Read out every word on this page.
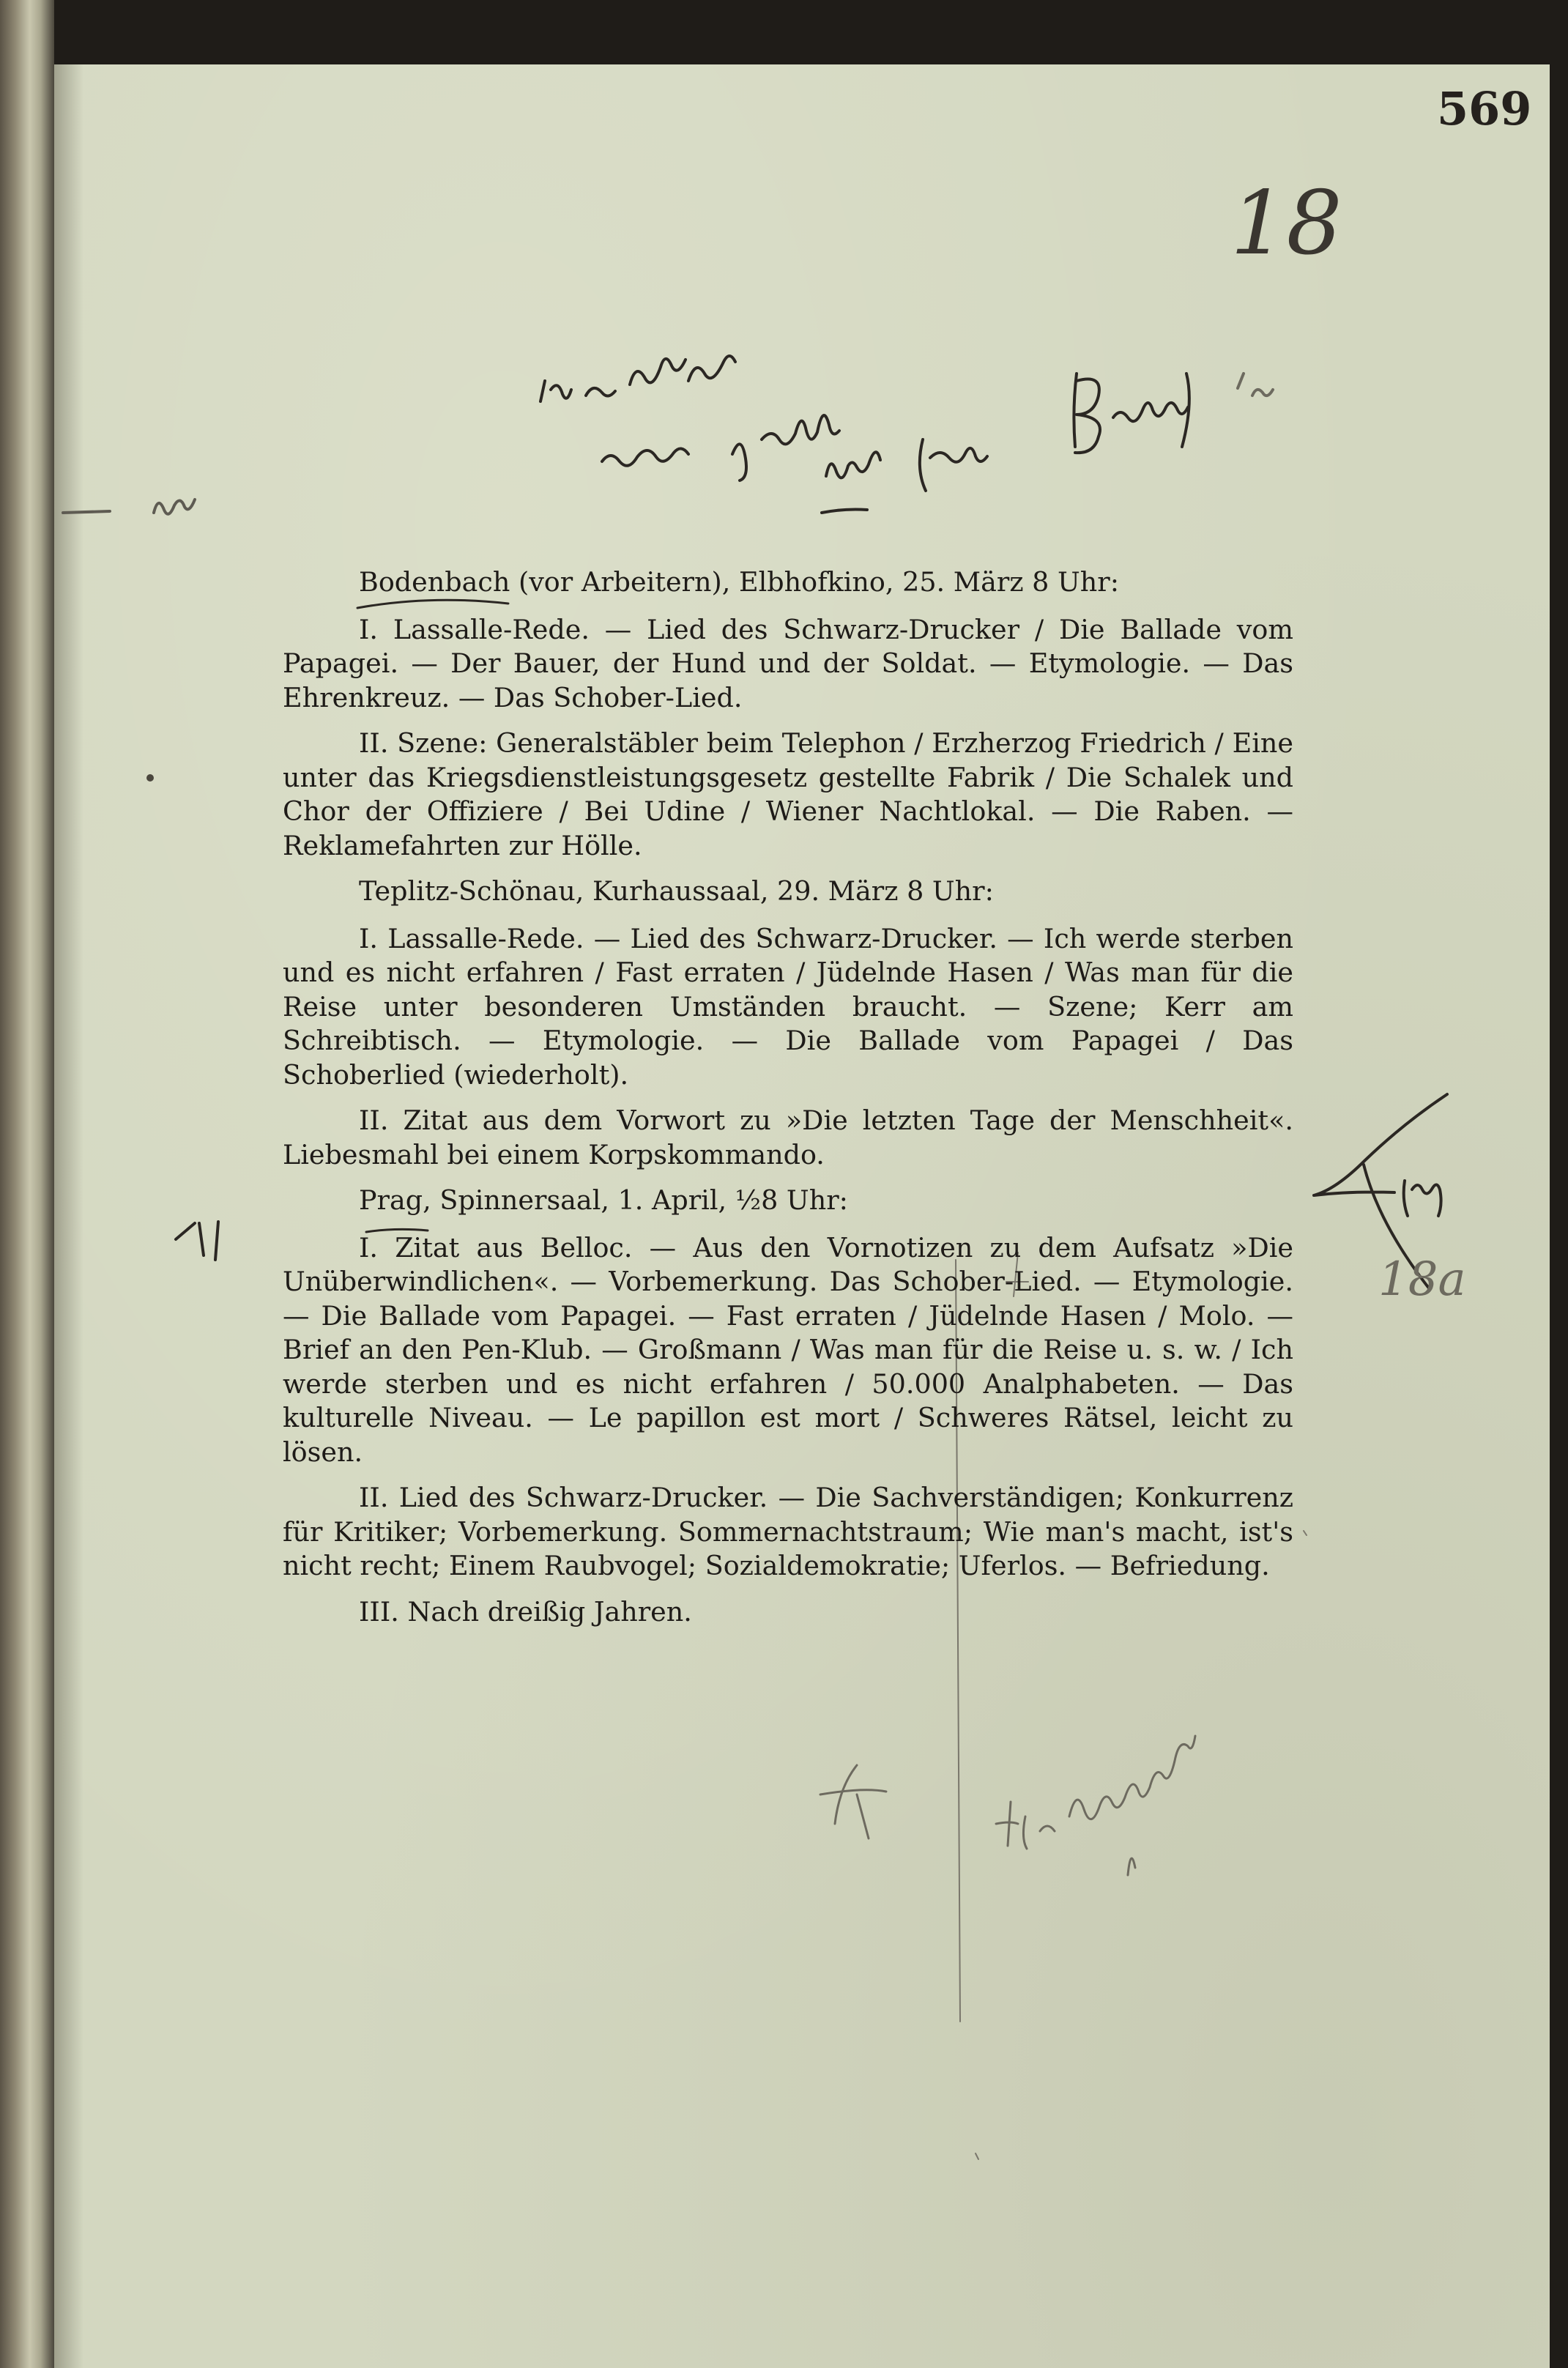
569
18
18a
Bodenbach (vor Arbeitern), Elbhofkino, 25. März 8 Uhr:

I. Lassalle-Rede. — Lied des Schwarz-Drucker / Die Ballade vom Papagei. — Der Bauer, der Hund und der Soldat. — Etymologie. — Das Ehrenkreuz. — Das Schober-Lied.

II. Szene: Generalstäbler beim Telephon / Erzherzog Friedrich / Eine unter das Kriegsdienstleistungsgesetz gestellte Fabrik / Die Schalek und Chor der Offiziere / Bei Udine / Wiener Nachtlokal. — Die Raben. — Reklamefahrten zur Hölle.

Teplitz-Schönau, Kurhaussaal, 29. März 8 Uhr:

I. Lassalle-Rede. — Lied des Schwarz-Drucker. — Ich werde sterben und es nicht erfahren / Fast erraten / Jüdelnde Hasen / Was man für die Reise unter besonderen Umständen braucht. — Szene; Kerr am Schreibtisch. — Etymologie. — Die Ballade vom Papagei / Das Schoberlied (wiederholt).

II. Zitat aus dem Vorwort zu »Die letzten Tage der Menschheit«. Liebesmahl bei einem Korpskommando.

Prag, Spinnersaal, 1. April, ½8 Uhr:

I. Zitat aus Belloc. — Aus den Vornotizen zu dem Aufsatz »Die Unüberwindlichen«. — Vorbemerkung. Das Schober-Lied. — Etymologie. — Die Ballade vom Papagei. — Fast erraten / Jüdelnde Hasen / Molo. — Brief an den Pen-Klub. — Großmann / Was man für die Reise u. s. w. / Ich werde sterben und es nicht erfahren / 50.000 Analphabeten. — Das kulturelle Niveau. — Le papillon est mort / Schweres Rätsel, leicht zu lösen.

II. Lied des Schwarz-Drucker. — Die Sachverständigen; Konkurrenz für Kritiker; Vorbemerkung. Sommernachtstraum; Wie man's macht, ist's nicht recht; Einem Raubvogel; Sozialdemokratie; Uferlos. — Befriedung.

III. Nach dreißig Jahren.
